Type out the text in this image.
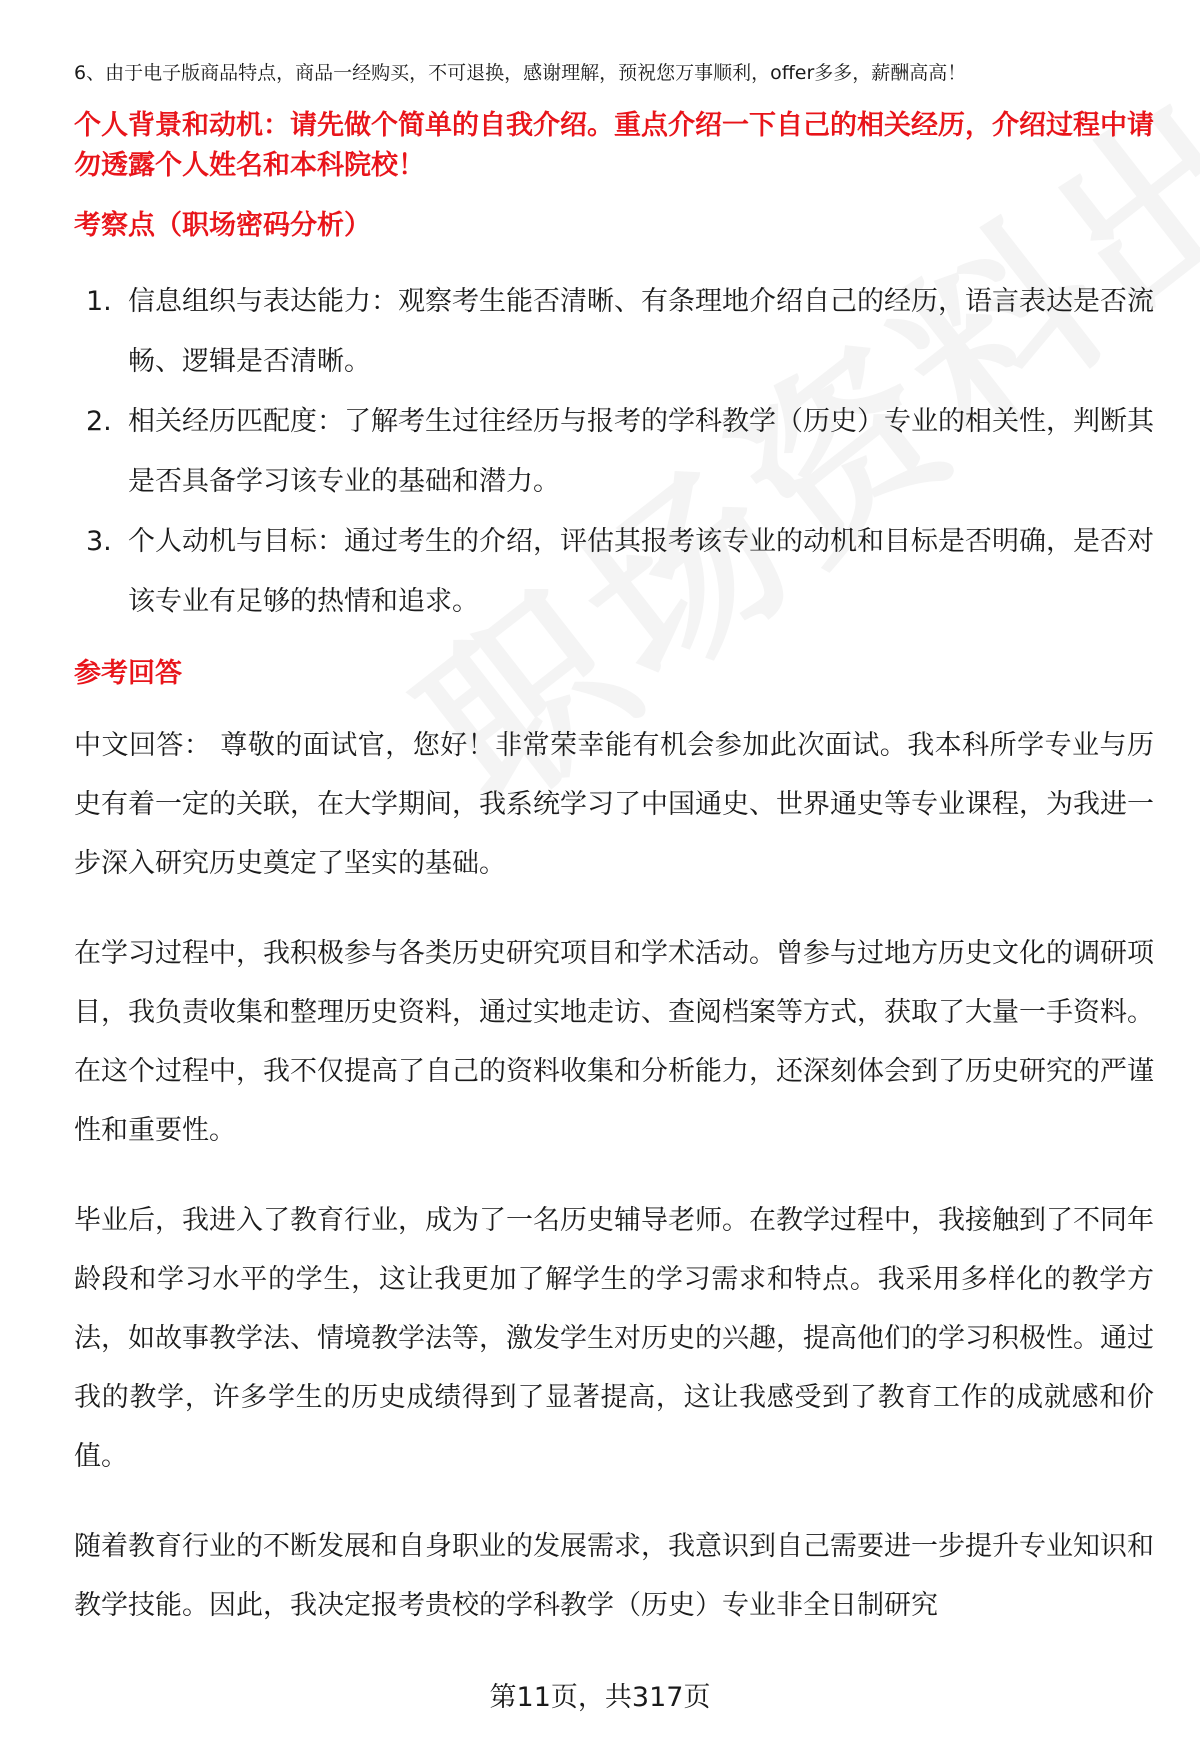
6、由于电子版商品特点，商品一经购买，不可退换，感谢理解，预祝您万事顺利，offer多多，薪酬高高！

个人背景和动机：请先做个简单的自我介绍。重点介绍一下自己的相关经历，介绍过程中请勿透露个人姓名和本科院校！
考察点（职场密码分析）
1. 信息组织与表达能力：观察考生能否清晰、有条理地介绍自己的经历，语言表达是否流畅、逻辑是否清晰。
2. 相关经历匹配度：了解考生过往经历与报考的学科教学（历史）专业的相关性，判断其是否具备学习该专业的基础和潜力。
3. 个人动机与目标：通过考生的介绍，评估其报考该专业的动机和目标是否明确，是否对该专业有足够的热情和追求。
参考回答

中文回答： 尊敬的面试官，您好！非常荣幸能有机会参加此次面试。我本科所学专业与历史有着一定的关联，在大学期间，我系统学习了中国通史、世界通史等专业课程，为我进一步深入研究历史奠定了坚实的基础。

在学习过程中，我积极参与各类历史研究项目和学术活动。曾参与过地方历史文化的调研项目，我负责收集和整理历史资料，通过实地走访、查阅档案等方式，获取了大量一手资料。在这个过程中，我不仅提高了自己的资料收集和分析能力，还深刻体会到了历史研究的严谨性和重要性。

毕业后，我进入了教育行业，成为了一名历史辅导老师。在教学过程中，我接触到了不同年龄段和学习水平的学生，这让我更加了解学生的学习需求和特点。我采用多样化的教学方法，如故事教学法、情境教学法等，激发学生对历史的兴趣，提高他们的学习积极性。通过我的教学，许多学生的历史成绩得到了显著提高，这让我感受到了教育工作的成就感和价值。

随着教育行业的不断发展和自身职业的发展需求，我意识到自己需要进一步提升专业知识和教学技能。因此，我决定报考贵校的学科教学（历史）专业非全日制研究

第11页，共317页
